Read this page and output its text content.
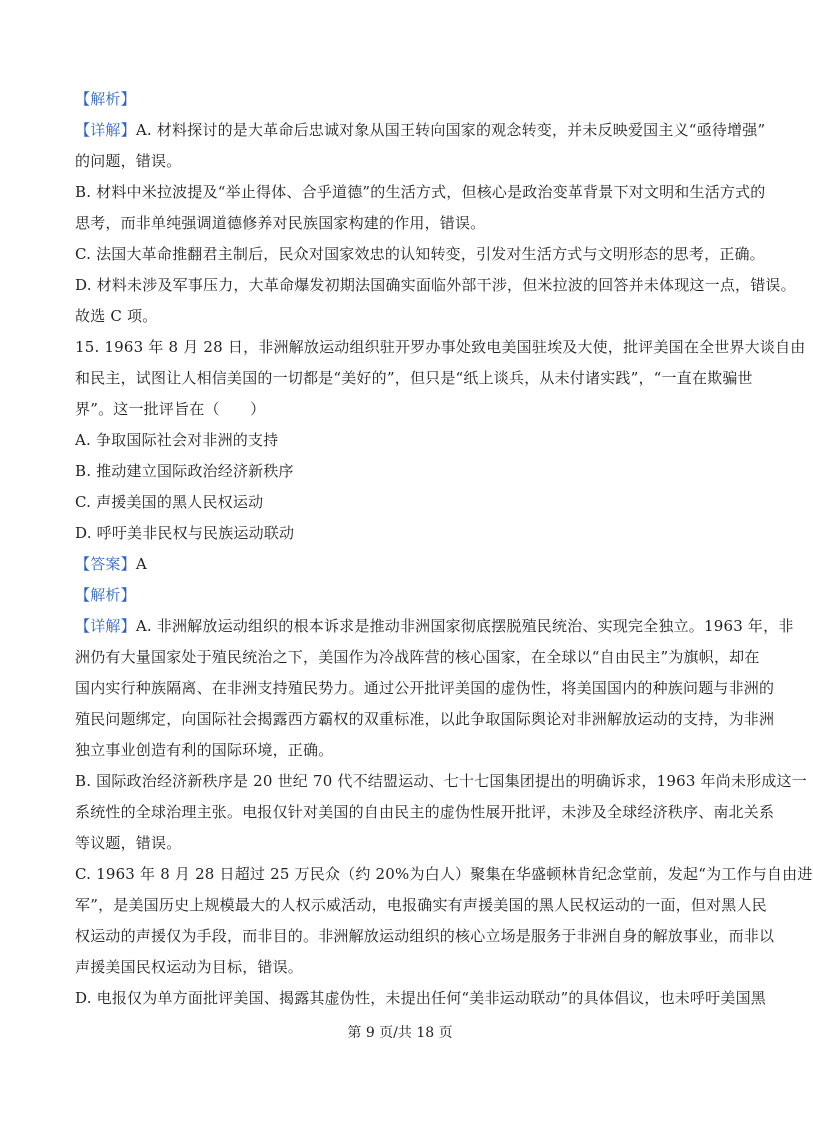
【解析】
【详解】A. 材料探讨的是大革命后忠诚对象从国王转向国家的观念转变，并未反映爱国主义“亟待增强”
的问题，错误。
B. 材料中米拉波提及“举止得体、合乎道德”的生活方式，但核心是政治变革背景下对文明和生活方式的
思考，而非单纯强调道德修养对民族国家构建的作用，错误。
C. 法国大革命推翻君主制后，民众对国家效忠的认知转变，引发对生活方式与文明形态的思考，正确。
D. 材料未涉及军事压力，大革命爆发初期法国确实面临外部干涉，但米拉波的回答并未体现这一点，错误。
故选 C 项。
15. 1963 年 8 月 28 日，非洲解放运动组织驻开罗办事处致电美国驻埃及大使，批评美国在全世界大谈自由
和民主，试图让人相信美国的一切都是“美好的”，但只是“纸上谈兵，从未付诸实践”，“一直在欺骗世
界”。这一批评旨在（　　）
A. 争取国际社会对非洲的支持
B. 推动建立国际政治经济新秩序
C. 声援美国的黑人民权运动
D. 呼吁美非民权与民族运动联动
【答案】A
【解析】
【详解】A. 非洲解放运动组织的根本诉求是推动非洲国家彻底摆脱殖民统治、实现完全独立。1963 年，非
洲仍有大量国家处于殖民统治之下，美国作为冷战阵营的核心国家，在全球以“自由民主”为旗帜，却在
国内实行种族隔离、在非洲支持殖民势力。通过公开批评美国的虚伪性，将美国国内的种族问题与非洲的
殖民问题绑定，向国际社会揭露西方霸权的双重标准，以此争取国际舆论对非洲解放运动的支持，为非洲
独立事业创造有利的国际环境，正确。
B. 国际政治经济新秩序是 20 世纪 70 代不结盟运动、七十七国集团提出的明确诉求，1963 年尚未形成这一
系统性的全球治理主张。电报仅针对美国的自由民主的虚伪性展开批评，未涉及全球经济秩序、南北关系
等议题，错误。
C. 1963 年 8 月 28 日超过 25 万民众（约 20%为白人）聚集在华盛顿林肯纪念堂前，发起“为工作与自由进
军”，是美国历史上规模最大的人权示威活动，电报确实有声援美国的黑人民权运动的一面，但对黑人民
权运动的声援仅为手段，而非目的。非洲解放运动组织的核心立场是服务于非洲自身的解放事业，而非以
声援美国民权运动为目标，错误。
D. 电报仅为单方面批评美国、揭露其虚伪性，未提出任何“美非运动联动”的具体倡议，也未呼吁美国黑
第 9 页/共 18 页
